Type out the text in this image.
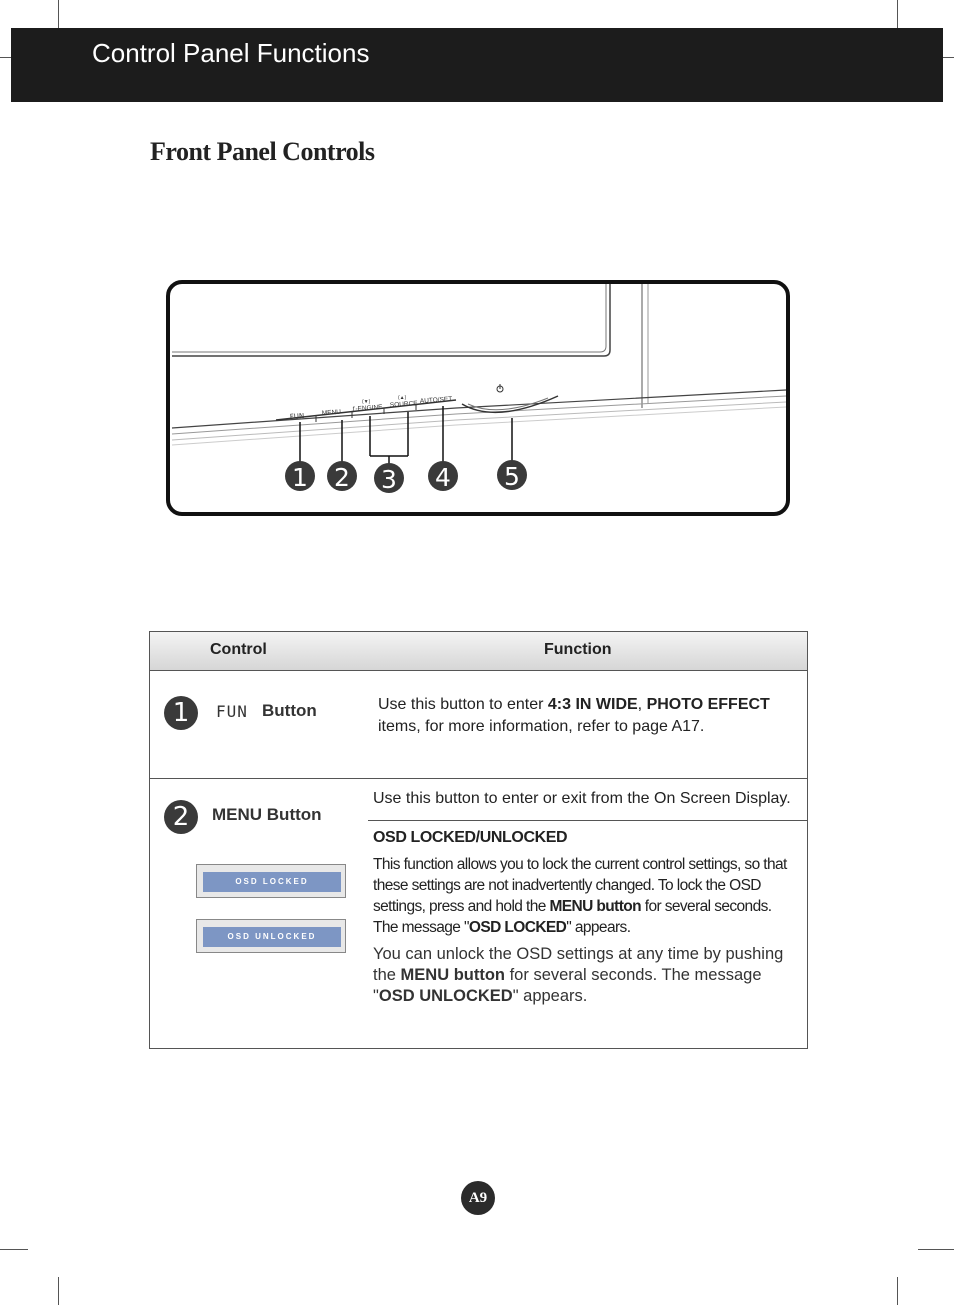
Control Panel Functions
Front Panel Controls
FUN	MENU ƒ-ENGINE
(▼)	SOURCE
(▲) AUTO/SET
1 2 3 4 5
Control	Function
1	FUN Button	Use this button to enter 4:3 IN WIDE, PHOTO EFFECT
items, for more information, refer to page A17.
2	MENU Button
Use this button to enter or exit from the On Screen Display.
OSD LOCKED
OSD UNLOCKED
OSD LOCKED/UNLOCKED
This function allows you to lock the current control settings, so that these settings are not inadvertently changed. To lock the OSD settings, press and hold the MENU button for several seconds. The message "OSD LOCKED" appears.
You can unlock the OSD settings at any time by pushing the MENU button for several seconds. The message "OSD UNLOCKED" appears.
A9
